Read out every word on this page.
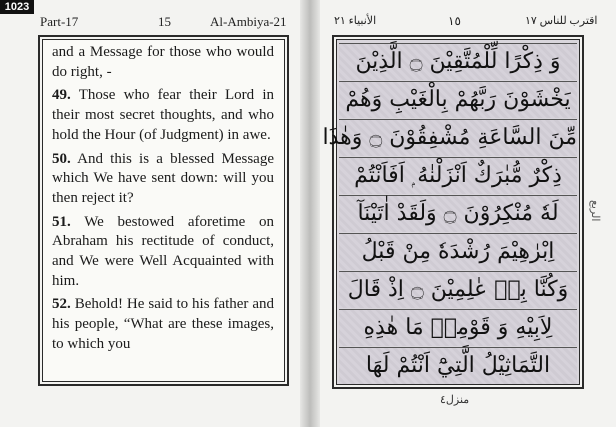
1023
Part-17	15	Al-Ambiya-21	الأنبياء ٢١	١٥	اقترب للناس ١٧

and a Message for those who would do right, -

49. Those who fear their Lord in their most secret thoughts, and who hold the Hour (of Judgment) in awe.

50. And this is a blessed Message which We have sent down: will you then reject it?

51. We bestowed aforetime on Abraham his rectitude of conduct, and We were Well Acquainted with him.

52. Behold! He said to his father and his people, “What are these images, to which you

وَ ذِكْرًا لِّلْمُتَّقِيْنَ ۝ الَّذِيْنَ
يَخْشَوْنَ رَبَّهُمْ بِالْغَيْبِ وَهُمْ
مِّنَ السَّاعَةِ مُشْفِقُوْنَ ۝ وَهٰذَا
ذِكْرٌ مُّبٰرَكٌ اَنْزَلْنٰهُ ۭ اَفَاَنْتُمْ
لَهٗ مُنْكِرُوْنَ ۝ وَلَقَدْ اٰتَيْنَآ
اِبْرٰهِيْمَ رُشْدَهٗ مِنْ قَبْلُ
وَكُنَّا بِهٖ عٰلِمِيْنَ ۝ اِذْ قَالَ
لِاَبِيْهِ وَ قَوْمِهٖ مَا هٰذِهِ
التَّمَاثِيْلُ الَّتِيْٓ اَنْتُمْ لَهَا
الربع
منزل٤
